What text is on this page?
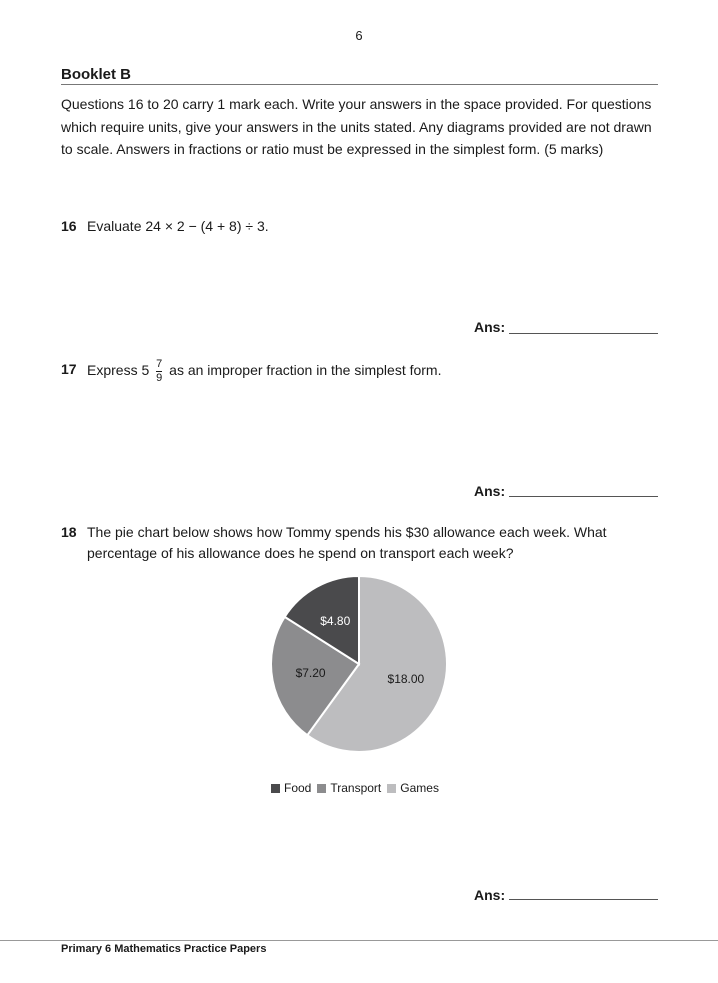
6
Booklet B
Questions 16 to 20 carry 1 mark each. Write your answers in the space provided. For questions which require units, give your answers in the units stated. Any diagrams provided are not drawn to scale. Answers in fractions or ratio must be expressed in the simplest form. (5 marks)
16 Evaluate 24 × 2 − (4 + 8) ÷ 3.
Ans:
17 Express $5 \frac{7}{9}$ as an improper fraction in the simplest form.
Ans:
18 The pie chart below shows how Tommy spends his $30 allowance each week. What percentage of his allowance does he spend on transport each week?
$18.00
$7.20
$4.80
Food Transport Games
Ans:
Primary 6 Mathematics Practice Papers
